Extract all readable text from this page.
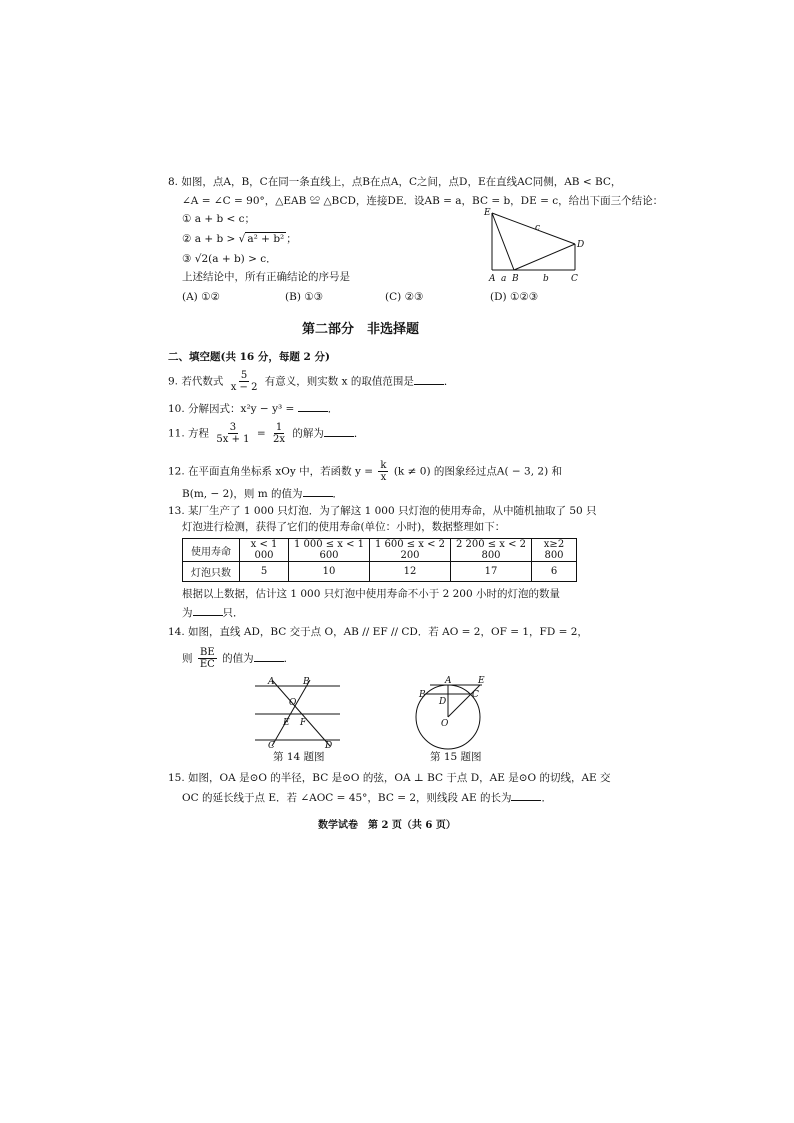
8. 如图，点A，B，C在同一条直线上，点B在点A，C之间，点D，E在直线AC同侧，AB < BC，
∠A = ∠C = 90°，△EAB ≌ △BCD，连接DE．设AB = a，BC = b，DE = c，给出下面三个结论：
① a + b < c；
② a + b > √ a² + b² ；
③ √2(a + b) > c．
上述结论中，所有正确结论的序号是
(A) ①②	(B) ①③	(C) ②③	(D) ①②③
E
c
D
A a B	b C
第二部分　非选择题
二、填空题(共 16 分，每题 2 分)
9. 若代数式 $\frac{5}{x - 2}$ 有意义，则实数 x 的取值范围是	．
10. 分解因式：x²y − y³ =	．
11. 方程 $\frac{3}{5x + 1} = \frac{1}{2x}$ 的解为	．
12. 在平面直角坐标系 xOy 中，若函数 $y = \frac{k}{x} (k \ne 0)$ 的图象经过点A( − 3, 2) 和
B(m, − 2)，则 m 的值为	．
13. 某厂生产了 1 000 只灯泡．为了解这 1 000 只灯泡的使用寿命，从中随机抽取了 50 只
灯泡进行检测，获得了它们的使用寿命(单位：小时)，数据整理如下：
使用寿命	x < 1 000	1 000 ≤ x < 1 600	1 600 ≤ x < 2 200	2 200 ≤ x < 2 800	x≥2 800
灯泡只数	5	10	12	17	6
根据以上数据，估计这 1 000 只灯泡中使用寿命不小于 2 200 小时的灯泡的数量
为	只．
14. 如图，直线 AD，BC 交于点 O，AB // EF // CD．若 AO = 2，OF = 1，FD = 2，
则 $\frac{BE}{EC}$ 的值为	．
A	B
O
E F
C	D
第 14 题图
A	E
B	C
D
O
第 15 题图
15. 如图，OA 是⊙O 的半径，BC 是⊙O 的弦，OA ⊥ BC 于点 D，AE 是⊙O 的切线，AE 交
OC 的延长线于点 E．若 ∠AOC = 45°，BC = 2，则线段 AE 的长为	．
数学试卷　第 2 页（共 6 页）
